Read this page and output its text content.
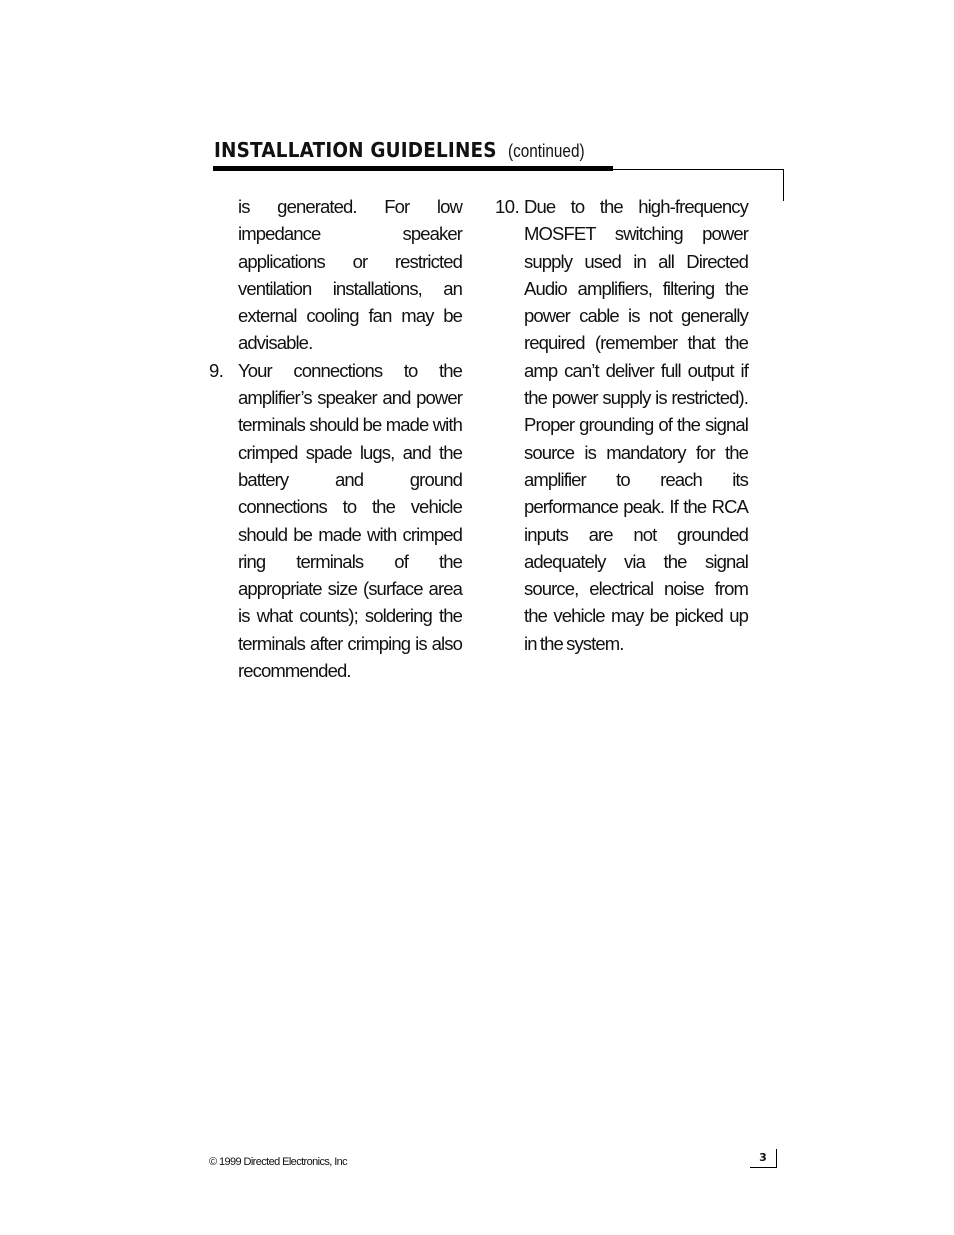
INSTALLATION GUIDELINES (continued)

is generated. For low impedance speaker applications or restricted ventilation installations, an external cooling fan may be advisable.

9. Your connections to the amplifier’s speaker and power terminals should be made with crimped spade lugs, and the battery and ground connections to the vehicle should be made with crimped ring terminals of the appropriate size (surface area is what counts); soldering the terminals after crimping is also recommended.

10. Due to the high-frequency MOSFET switching power supply used in all Directed Audio amplifiers, filtering the power cable is not generally required (remember that the amp can’t deliver full output if the power supply is restricted). Proper grounding of the signal source is mandatory for the amplifier to reach its performance peak. If the RCA inputs are not grounded adequately via the signal source, electrical noise from the vehicle may be picked up in the system.

© 1999 Directed Electronics, Inc	3
